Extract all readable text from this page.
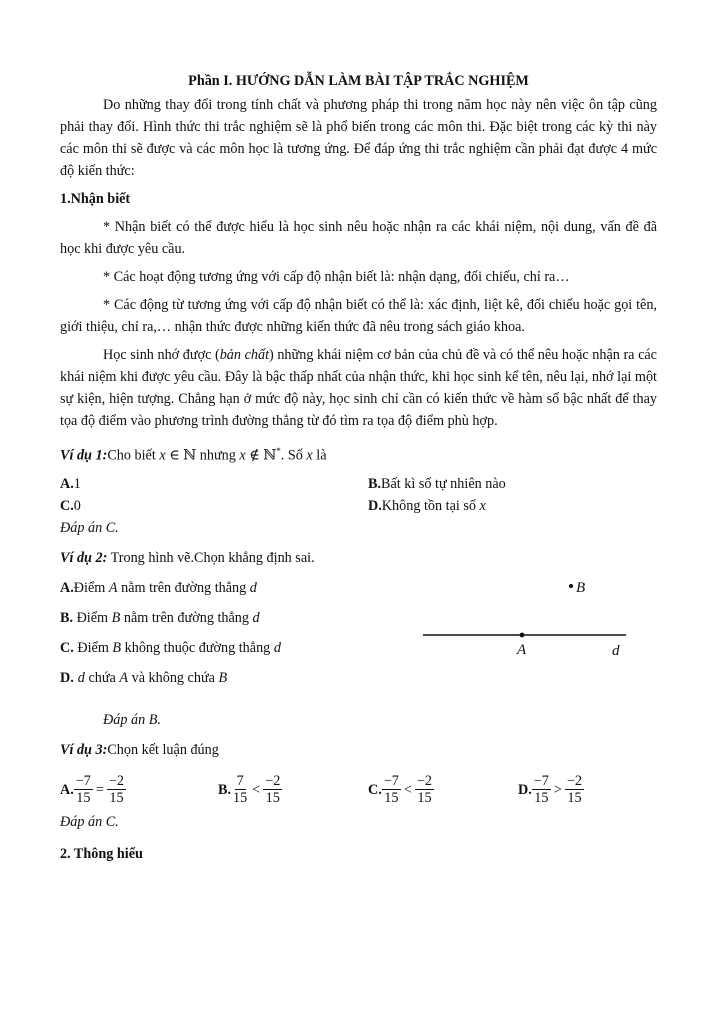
Phần I. HƯỚNG DẪN LÀM BÀI TẬP TRẮC NGHIỆM

Do những thay đổi trong tính chất và phương pháp thi trong năm học này nên việc ôn tập cũng phải thay đổi. Hình thức thi trắc nghiệm sẽ là phổ biến trong các môn thi. Đặc biệt trong các kỳ thi này các môn thi sẽ được và các môn học là tương ứng. Để đáp ứng thi trắc nghiệm cần phải đạt được 4 mức độ kiến thức:

1.Nhận biết

* Nhận biết có thể được hiểu là học sinh nêu hoặc nhận ra các khái niệm, nội dung, vấn đề đã học khi được yêu cầu.

* Các hoạt động tương ứng với cấp độ nhận biết là: nhận dạng, đối chiếu, chỉ ra…

* Các động từ tương ứng với cấp độ nhận biết có thể là: xác định, liệt kê, đối chiếu hoặc gọi tên, giới thiệu, chỉ ra,… nhận thức được những kiến thức đã nêu trong sách giáo khoa.

Học sinh nhớ được (bản chất) những khái niệm cơ bản của chủ đề và có thể nêu hoặc nhận ra các khái niệm khi được yêu cầu. Đây là bậc thấp nhất của nhận thức, khi học sinh kể tên, nêu lại, nhớ lại một sự kiện, hiện tượng. Chẳng hạn ở mức độ này, học sinh chỉ cần có kiến thức về hàm số bậc nhất để thay tọa độ điểm vào phương trình đường thẳng từ đó tìm ra tọa độ điểm phù hợp.

Ví dụ 1:Cho biết x ∈ ℕ nhưng x ∉ ℕ*. Số x là

A.1	B.Bất kì số tự nhiên nào
C.0	D.Không tồn tại số x

Đáp án C.

Ví dụ 2: Trong hình vẽ.Chọn khẳng định sai.

A.Điểm A nằm trên đường thẳng d
B. Điểm B nằm trên đường thẳng d
C. Điểm B không thuộc đường thẳng d
D. d chứa A và không chứa B
B
A	d

Đáp án B.

Ví dụ 3:Chọn kết luận đúng

A. $\frac{-7}{15} = \frac{-2}{15}$	B. $\frac{7}{15} < \frac{-2}{15}$	C. $\frac{-7}{15} < \frac{-2}{15}$	D. $\frac{-7}{15} > \frac{-2}{15}$

Đáp án C.

2. Thông hiểu
